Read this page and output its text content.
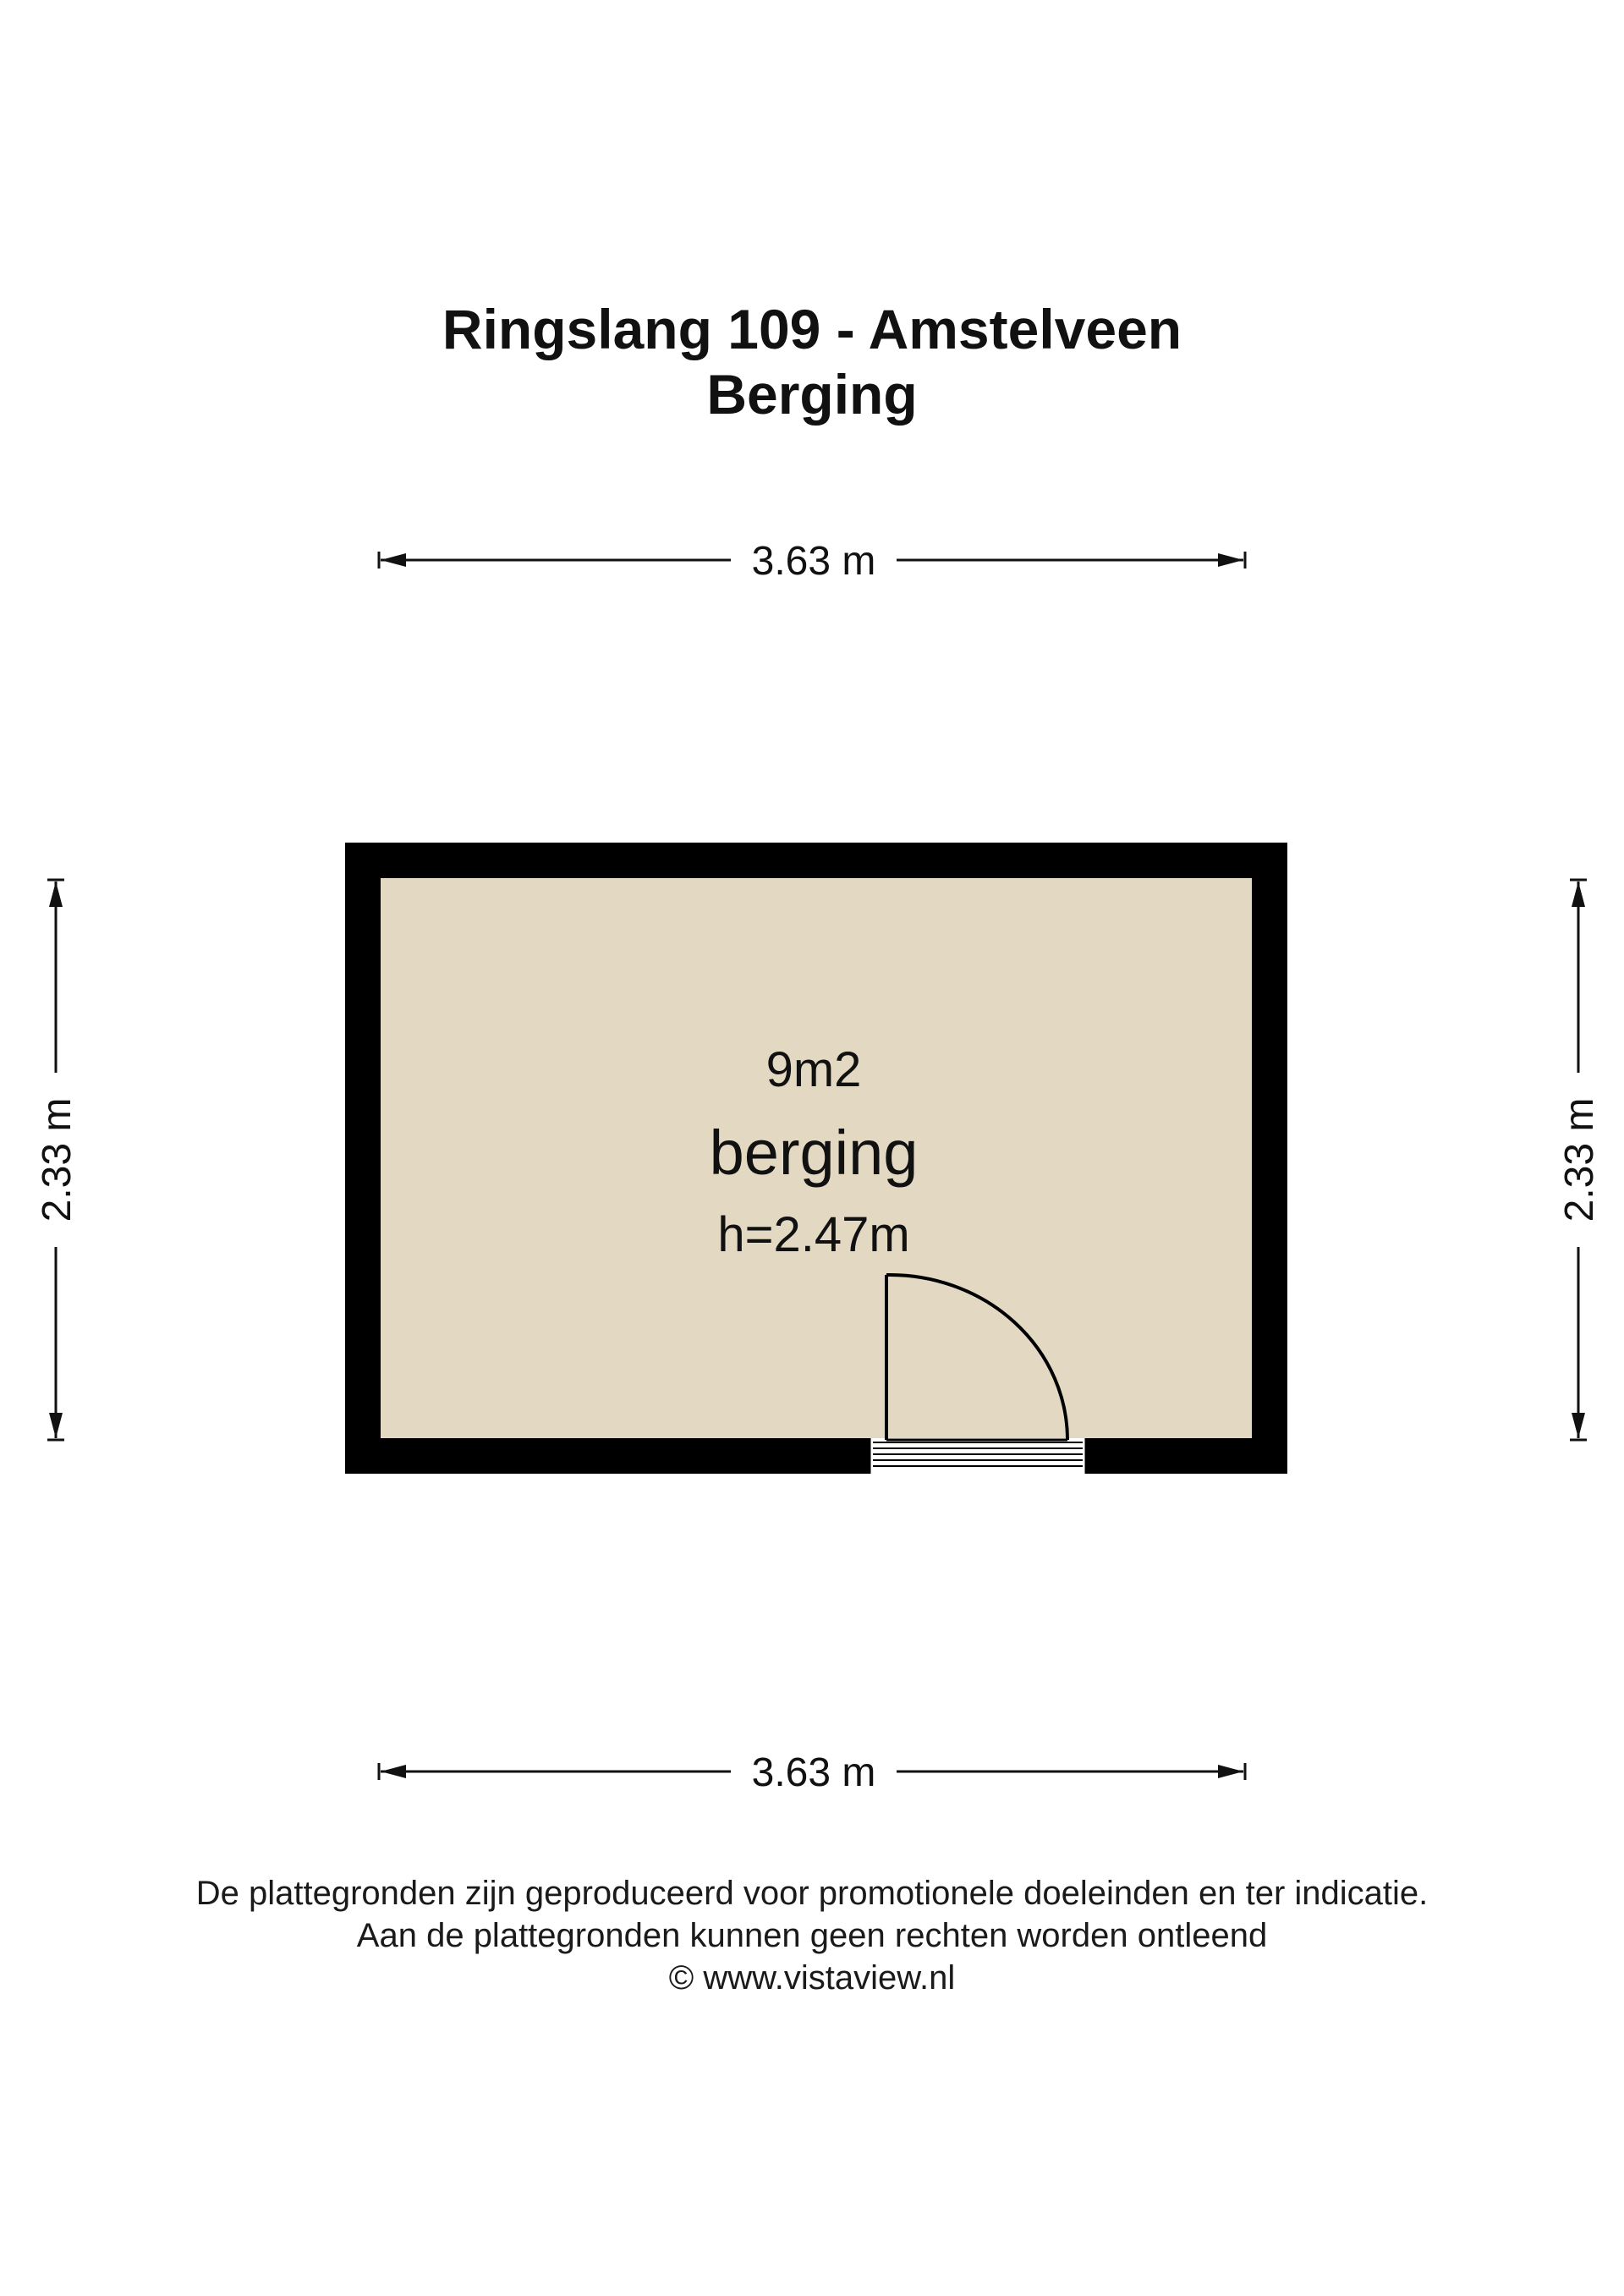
Ringslang 109 - Amstelveen
Berging
3.63 m
3.63 m
2.33 m	2.33 m
9m2
berging
h=2.47m
De plattegronden zijn geproduceerd voor promotionele doeleinden en ter indicatie.
Aan de plattegronden kunnen geen rechten worden ontleend
© www.vistaview.nl
